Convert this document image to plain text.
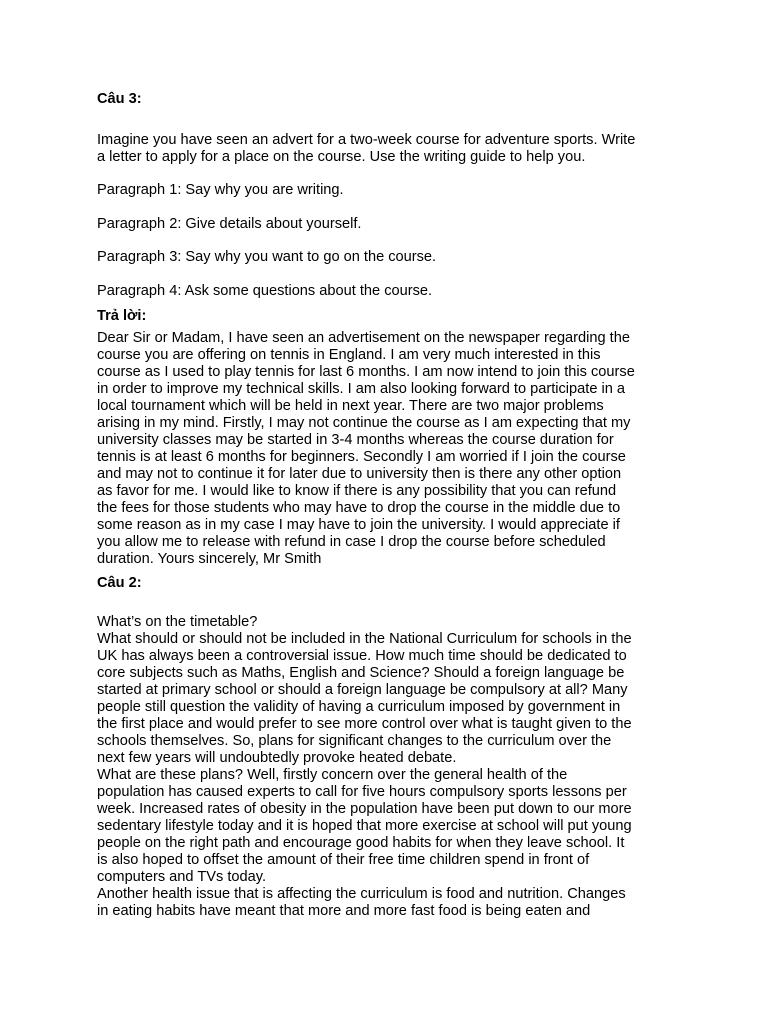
Câu 3:
Imagine you have seen an advert for a two-week course for adventure sports. Write
a letter to apply for a place on the course. Use the writing guide to help you.
Paragraph 1: Say why you are writing.
Paragraph 2: Give details about yourself.
Paragraph 3: Say why you want to go on the course.
Paragraph 4: Ask some questions about the course.
Trả lời:
Dear Sir or Madam, I have seen an advertisement on the newspaper regarding the
course you are offering on tennis in England. I am very much interested in this
course as I used to play tennis for last 6 months. I am now intend to join this course
in order to improve my technical skills. I am also looking forward to participate in a
local tournament which will be held in next year. There are two major problems
arising in my mind. Firstly, I may not continue the course as I am expecting that my
university classes may be started in 3-4 months whereas the course duration for
tennis is at least 6 months for beginners. Secondly I am worried if I join the course
and may not to continue it for later due to university then is there any other option
as favor for me. I would like to know if there is any possibility that you can refund
the fees for those students who may have to drop the course in the middle due to
some reason as in my case I may have to join the university. I would appreciate if
you allow me to release with refund in case I drop the course before scheduled
duration. Yours sincerely, Mr Smith
Câu 2:
What’s on the timetable?
What should or should not be included in the National Curriculum for schools in the
UK has always been a controversial issue. How much time should be dedicated to
core subjects such as Maths, English and Science? Should a foreign language be
started at primary school or should a foreign language be compulsory at all? Many
people still question the validity of having a curriculum imposed by government in
the first place and would prefer to see more control over what is taught given to the
schools themselves. So, plans for significant changes to the curriculum over the
next few years will undoubtedly provoke heated debate.
What are these plans? Well, firstly concern over the general health of the
population has caused experts to call for five hours compulsory sports lessons per
week. Increased rates of obesity in the population have been put down to our more
sedentary lifestyle today and it is hoped that more exercise at school will put young
people on the right path and encourage good habits for when they leave school. It
is also hoped to offset the amount of their free time children spend in front of
computers and TVs today.
Another health issue that is affecting the curriculum is food and nutrition. Changes
in eating habits have meant that more and more fast food is being eaten and
